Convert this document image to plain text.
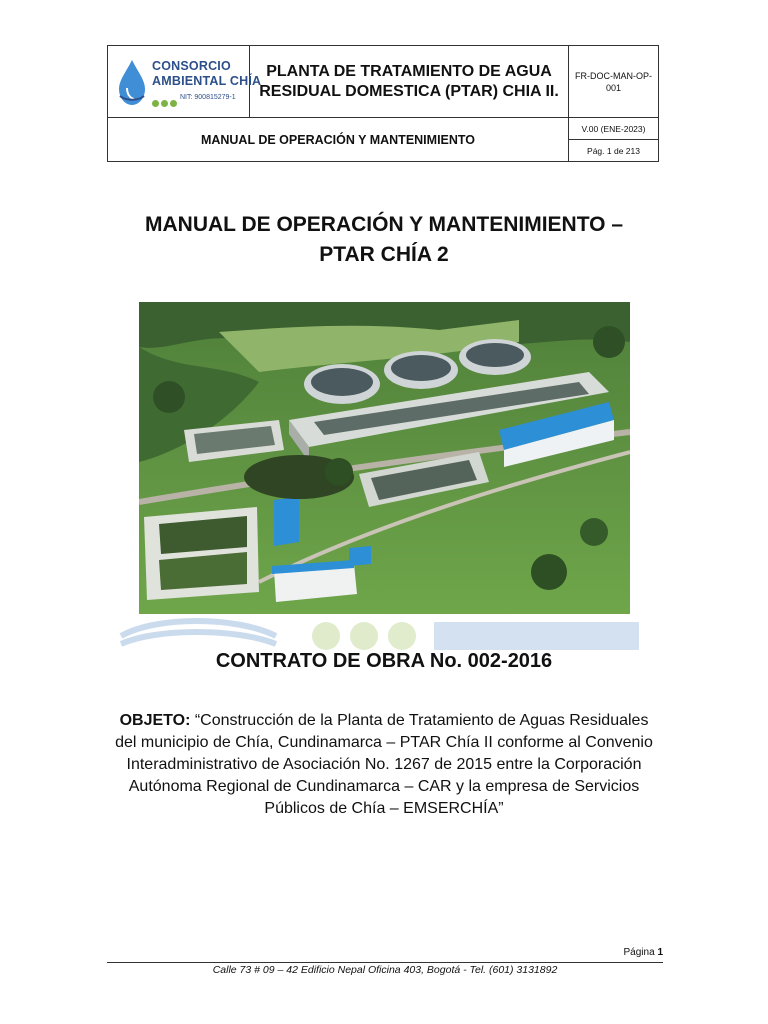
CONSORCIO
AMBIENTAL CHÍA
NIT: 900815279-1
PLANTA DE TRATAMIENTO DE AGUA RESIDUAL DOMESTICA (PTAR) CHIA II.
FR-DOC-MAN-OP-001
MANUAL DE OPERACIÓN Y MANTENIMIENTO
V.00 (ENE-2023)
Pág. 1 de 213
MANUAL DE OPERACIÓN Y MANTENIMIENTO –
PTAR CHÍA 2
CONTRATO DE OBRA No. 002-2016
OBJETO: “Construcción de la Planta de Tratamiento de Aguas Residuales del municipio de Chía, Cundinamarca – PTAR Chía II conforme al Convenio Interadministrativo de Asociación No. 1267 de 2015 entre la Corporación Autónoma Regional de Cundinamarca – CAR y la empresa de Servicios Públicos de Chía – EMSERCHÍA”
Página 1
Calle 73 # 09 – 42 Edificio Nepal Oficina 403, Bogotá - Tel. (601) 3131892
